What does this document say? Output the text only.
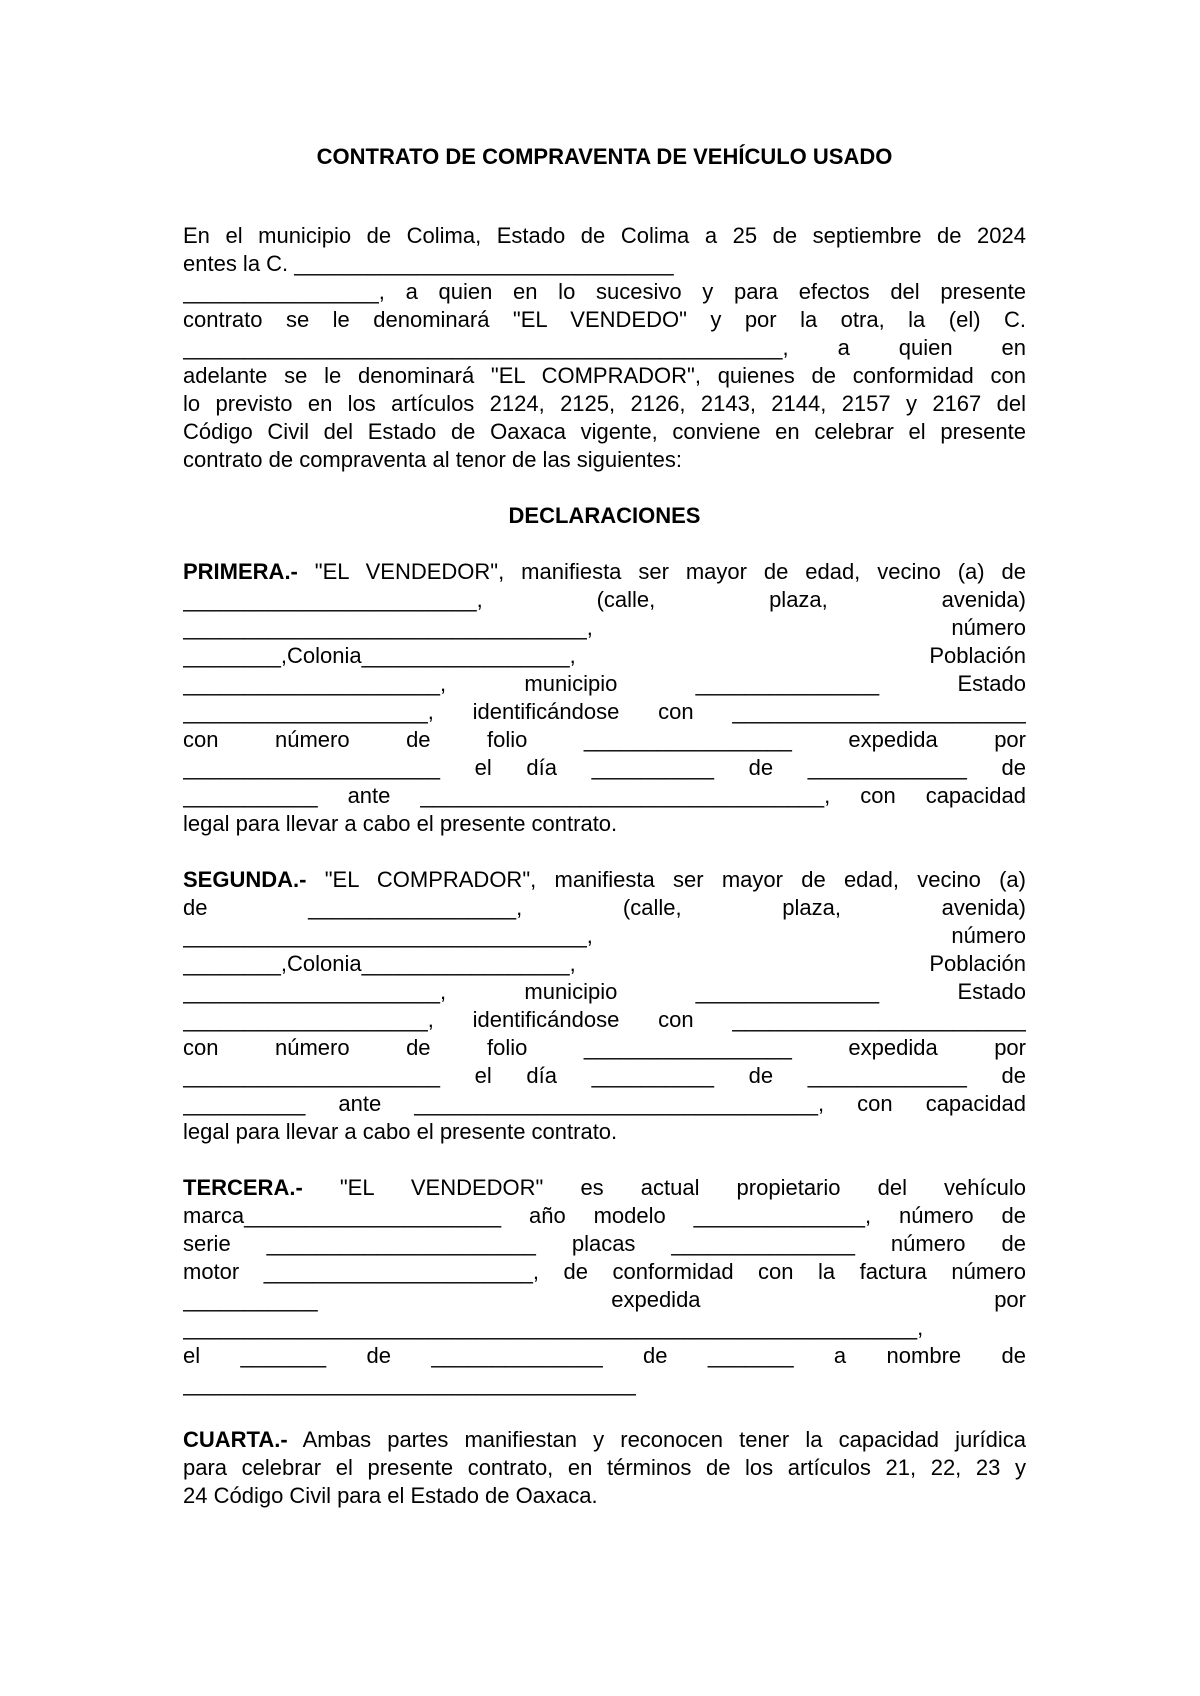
CONTRATO DE COMPRAVENTA DE VEHÍCULO USADO
En el municipio de Colima, Estado de Colima a 25 de septiembre de 2024
entes la C. _______________________________
________________, a quien en lo sucesivo y para efectos del presente
contrato se le denominará "EL VENDEDO" y por la otra, la (el) C.
_________________________________________________, a quien en
adelante se le denominará "EL COMPRADOR", quienes de conformidad con
lo previsto en los artículos 2124, 2125, 2126, 2143, 2144, 2157 y 2167 del
Código Civil del Estado de Oaxaca vigente, conviene en celebrar el presente
contrato de compraventa al tenor de las siguientes:
DECLARACIONES
PRIMERA.- "EL VENDEDOR", manifiesta ser mayor de edad, vecino (a) de
________________________, (calle, plaza, avenida)
_________________________________, número
________,Colonia_________________, Población
_____________________, municipio _______________ Estado
____________________, identificándose con ________________________
con número de folio _________________ expedida por
_____________________ el día __________ de _____________ de
___________ ante _________________________________, con capacidad
legal para llevar a cabo el presente contrato.
SEGUNDA.- "EL COMPRADOR", manifiesta ser mayor de edad, vecino (a)
de _________________, (calle, plaza, avenida)
_________________________________, número
________,Colonia_________________, Población
_____________________, municipio _______________ Estado
____________________, identificándose con ________________________
con número de folio _________________ expedida por
_____________________ el día __________ de _____________ de
__________ ante _________________________________, con capacidad
legal para llevar a cabo el presente contrato.
TERCERA.- "EL VENDEDOR" es actual propietario del vehículo
marca_____________________ año modelo ______________, número de
serie ______________________ placas _______________ número de
motor ______________________, de conformidad con la factura número
___________ expedida por
____________________________________________________________,
el _______ de ______________ de _______ a nombre de
_____________________________________
CUARTA.- Ambas partes manifiestan y reconocen tener la capacidad jurídica
para celebrar el presente contrato, en términos de los artículos 21, 22, 23 y
24 Código Civil para el Estado de Oaxaca.
